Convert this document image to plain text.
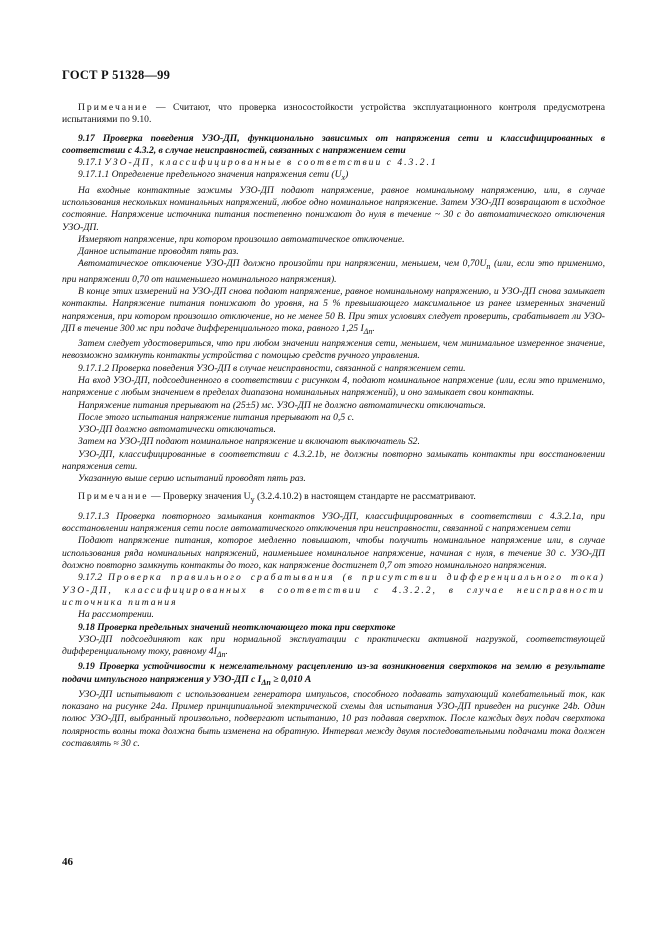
ГОСТ Р 51328—99

Примечание — Считают, что проверка износостойкости устройства эксплуатационного контроля предусмотрена испытаниями по 9.10.

9.17 Проверка поведения УЗО-ДП, функционально зависимых от напряжения сети и классифицированных в соответствии с 4.3.2, в случае неисправностей, связанных с напряжением сети

9.17.1 УЗО-ДП, классифицированные в соответствии с 4.3.2.1

9.17.1.1 Определение предельного значения напряжения сети $(U_x)$

На входные контактные зажимы УЗО-ДП подают напряжение, равное номинальному напряжению, или, в случае использования нескольких номинальных напряжений, любое одно номинальное напряжение. Затем УЗО-ДП возвращают в исходное состояние. Напряжение источника питания постепенно понижают до нуля в течение ~ 30 с до автоматического отключения УЗО-ДП.

Измеряют напряжение, при котором произошло автоматическое отключение.

Данное испытание проводят пять раз.

Автоматическое отключение УЗО-ДП должно произойти при напряжении, меньшем, чем $0,70U_n$ (или, если это применимо, при напряжении 0,70 от наименьшего номинального напряжения).

В конце этих измерений на УЗО-ДП снова подают напряжение, равное номинальному напряжению, и УЗО-ДП снова замыкает контакты. Напряжение питания понижают до уровня, на 5 % превышающего максимальное из ранее измеренных значений напряжения, при котором произошло отключение, но не менее 50 В. При этих условиях следует проверить, срабатывает ли УЗО-ДП в течение 300 мс при подаче дифференциального тока, равного 1,25 $I_{\Delta n}$.

Затем следует удостовериться, что при любом значении напряжения сети, меньшем, чем минимальное измеренное значение, невозможно замкнуть контакты устройства с помощью средств ручного управления.

9.17.1.2 Проверка поведения УЗО-ДП в случае неисправности, связанной с напряжением сети.

На вход УЗО-ДП, подсоединенного в соответствии с рисунком 4, подают номинальное напряжение (или, если это применимо, напряжение с любым значением в пределах диапазона номинальных напряжений), и оно замыкает свои контакты.

Напряжение питания прерывают на (25±5) мс. УЗО-ДП не должно автоматически отключаться.

После этого испытания напряжение питания прерывают на 0,5 с.

УЗО-ДП должно автоматически отключаться.

Затем на УЗО-ДП подают номинальное напряжение и включают выключатель S2.

УЗО-ДП, классифицированные в соответствии с 4.3.2.1b, не должны повторно замыкать контакты при восстановлении напряжения сети.

Указанную выше серию испытаний проводят пять раз.

Примечание — Проверку значения $U_y$ (3.2.4.10.2) в настоящем стандарте не рассматривают.

9.17.1.3 Проверка повторного замыкания контактов УЗО-ДП, классифицированных в соответствии с 4.3.2.1a, при восстановлении напряжения сети после автоматического отключения при неисправности, связанной с напряжением сети

Подают напряжение питания, которое медленно повышают, чтобы получить номинальное напряжение или, в случае использования ряда номинальных напряжений, наименьшее номинальное напряжение, начиная с нуля, в течение 30 с. УЗО-ДП должно повторно замкнуть контакты до того, как напряжение достигнет 0,7 от этого номинального напряжения.

9.17.2 Проверка правильного срабатывания (в присутствии дифференциального тока) УЗО-ДП, классифицированных в соответствии с 4.3.2.2, в случае неисправности источника питания

На рассмотрении.

9.18 Проверка предельных значений неотключающего тока при сверхтоке

УЗО-ДП подсоединяют как при нормальной эксплуатации с практически активной нагрузкой, соответствующей дифференциальному току, равному $4I_{\Delta n}$.

9.19 Проверка устойчивости к нежелательному расцеплению из-за возникновения сверхтоков на землю в результате подачи импульсного напряжения у УЗО-ДП с $I_{\Delta n} \ge 0,010$ А

УЗО-ДП испытывают с использованием генератора импульсов, способного подавать затухающий колебательный ток, как показано на рисунке 24a. Пример принципиальной электрической схемы для испытания УЗО-ДП приведен на рисунке 24b. Один полюс УЗО-ДП, выбранный произвольно, подвергают испытанию, 10 раз подавая сверхток. После каждых двух подач сверхтока полярность волны тока должна быть изменена на обратную. Интервал между двумя последовательными подачами тока должен составлять ≈ 30 с.

46
